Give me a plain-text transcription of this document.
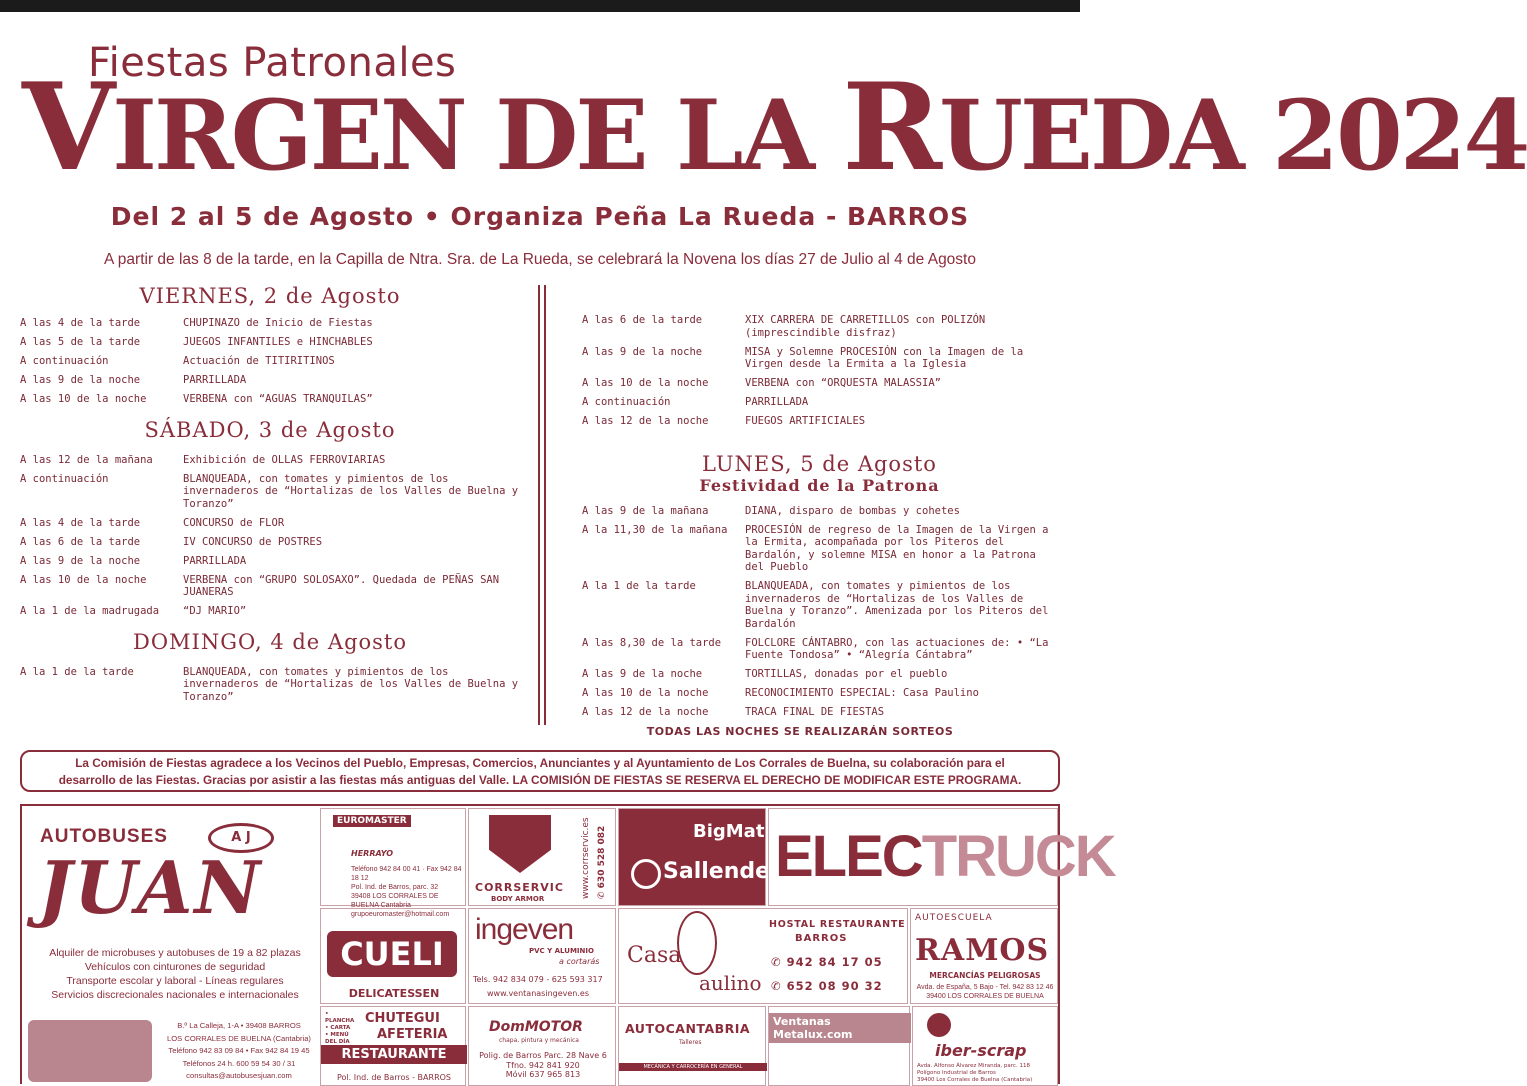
Fiestas Patronales
VIRGEN DE LA RUEDA 2024
Del 2 al 5 de Agosto • Organiza Peña La Rueda - BARROS
A partir de las 8 de la tarde, en la Capilla de Ntra. Sra. de La Rueda, se celebrará la Novena los días 27 de Julio al 4 de Agosto
VIERNES, 2 de Agosto
A las 4 de la tarde	CHUPINAZO de Inicio de Fiestas
A las 5 de la tarde	JUEGOS INFANTILES e HINCHABLES
A continuación	Actuación de TITIRITINOS
A las 9 de la noche	PARRILLADA
A las 10 de la noche	VERBENA con “AGUAS TRANQUILAS”
SÁBADO, 3 de Agosto
A las 12 de la mañana	Exhibición de OLLAS FERROVIARIAS
A continuación	BLANQUEADA, con tomates y pimientos de los invernaderos de “Hortalizas de los Valles de Buelna y Toranzo”
A las 4 de la tarde	CONCURSO de FLOR
A las 6 de la tarde	IV CONCURSO de POSTRES
A las 9 de la noche	PARRILLADA
A las 10 de la noche	VERBENA con “GRUPO SOLOSAXO”. Quedada de PEÑAS SAN JUANERAS
A la 1 de la madrugada	“DJ MARIO”
DOMINGO, 4 de Agosto
A la 1 de la tarde	BLANQUEADA, con tomates y pimientos de los invernaderos de “Hortalizas de los Valles de Buelna y Toranzo”
A las 6 de la tarde	XIX CARRERA DE CARRETILLOS con POLIZÓN (imprescindible disfraz)
A las 9 de la noche	MISA y Solemne PROCESIÓN con la Imagen de la Virgen desde la Ermita a la Iglesia
A las 10 de la noche	VERBENA con “ORQUESTA MALASSIA”
A continuación	PARRILLADA
A las 12 de la noche	FUEGOS ARTIFICIALES
LUNES, 5 de Agosto
Festividad de la Patrona
A las 9 de la mañana	DIANA, disparo de bombas y cohetes
A la 11,30 de la mañana	PROCESIÓN de regreso de la Imagen de la Virgen a la Ermita, acompañada por los Piteros del Bardalón, y solemne MISA en honor a la Patrona del Pueblo
A la 1 de la tarde	BLANQUEADA, con tomates y pimientos de los invernaderos de “Hortalizas de los Valles de Buelna y Toranzo”. Amenizada por los Piteros del Bardalón
A las 8,30 de la tarde	FOLCLORE CÁNTABRO, con las actuaciones de: • “La Fuente Tondosa” • “Alegría Cántabra”
A las 9 de la noche	TORTILLAS, donadas por el pueblo
A las 10 de la noche	RECONOCIMIENTO ESPECIAL: Casa Paulino
A las 12 de la noche	TRACA FINAL DE FIESTAS
TODAS LAS NOCHES SE REALIZARÁN SORTEOS
La Comisión de Fiestas agradece a los Vecinos del Pueblo, Empresas, Comercios, Anunciantes y al Ayuntamiento de Los Corrales de Buelna, su colaboración para el
desarrollo de las Fiestas. Gracias por asistir a las fiestas más antiguas del Valle. LA COMISIÓN DE FIESTAS SE RESERVA EL DERECHO DE MODIFICAR ESTE PROGRAMA.
AUTOBUSES	A J
JUAN
Alquiler de microbuses y autobuses de 19 a 82 plazas
Vehículos con cinturones de seguridad
Transporte escolar y laboral - Líneas regulares
Servicios discrecionales nacionales e internacionales
B.º La Calleja, 1-A • 39408 BARROS
LOS CORRALES DE BUELNA (Cantabria)
Teléfono 942 83 09 84 • Fax 942 84 19 45
Teléfonos 24 h. 600 59 54 30 / 31
consultas@autobusesjuan.com
EUROMASTER
HERRAYO
Teléfono 942 84 00 41 · Fax 942 84 18 12
Pol. Ind. de Barros, parc. 32
39408 LOS CORRALES DE BUELNA Cantabria
grupoeuromaster@hotmail.com
CORRSERVIC
BODY ARMOR	www.corrservic.es ✆ 630 528 082	BigMat
Sallende ELECTRUCK
CUELI
DELICATESSEN
ingeven
PVC Y ALUMINIO
a cortarás
Tels. 942 834 079 - 625 593 317
www.ventanasingeven.es
Casa
aulino
HOSTAL RESTAURANTE
BARROS
✆ 942 84 17 05
✆ 652 08 90 32
AUTOESCUELA
RAMOS
MERCANCÍAS PELIGROSAS
Avda. de España, 5 Bajo - Tel. 942 83 12 46
39400 LOS CORRALES DE BUELNA
• PLANCHA • CARTA • MENÚ DEL DÍA
CHUTEGUI
AFETERIA
RESTAURANTE
Pol. Ind. de Barros - BARROS
DomMOTOR
chapa, pintura y mecánica
Polig. de Barros Parc. 28 Nave 6
Tfno. 942 841 920
Móvil 637 965 813
AUTOCANTABRIA
Talleres
MECÁNICA Y CARROCERÍA EN GENERAL
Ventanas Metalux.com
iber-scrap
Avda. Alfonso Álvarez Miranda, parc. 118
Polígono Industrial de Barros
39400 Los Corrales de Buelna (Cantabria)
